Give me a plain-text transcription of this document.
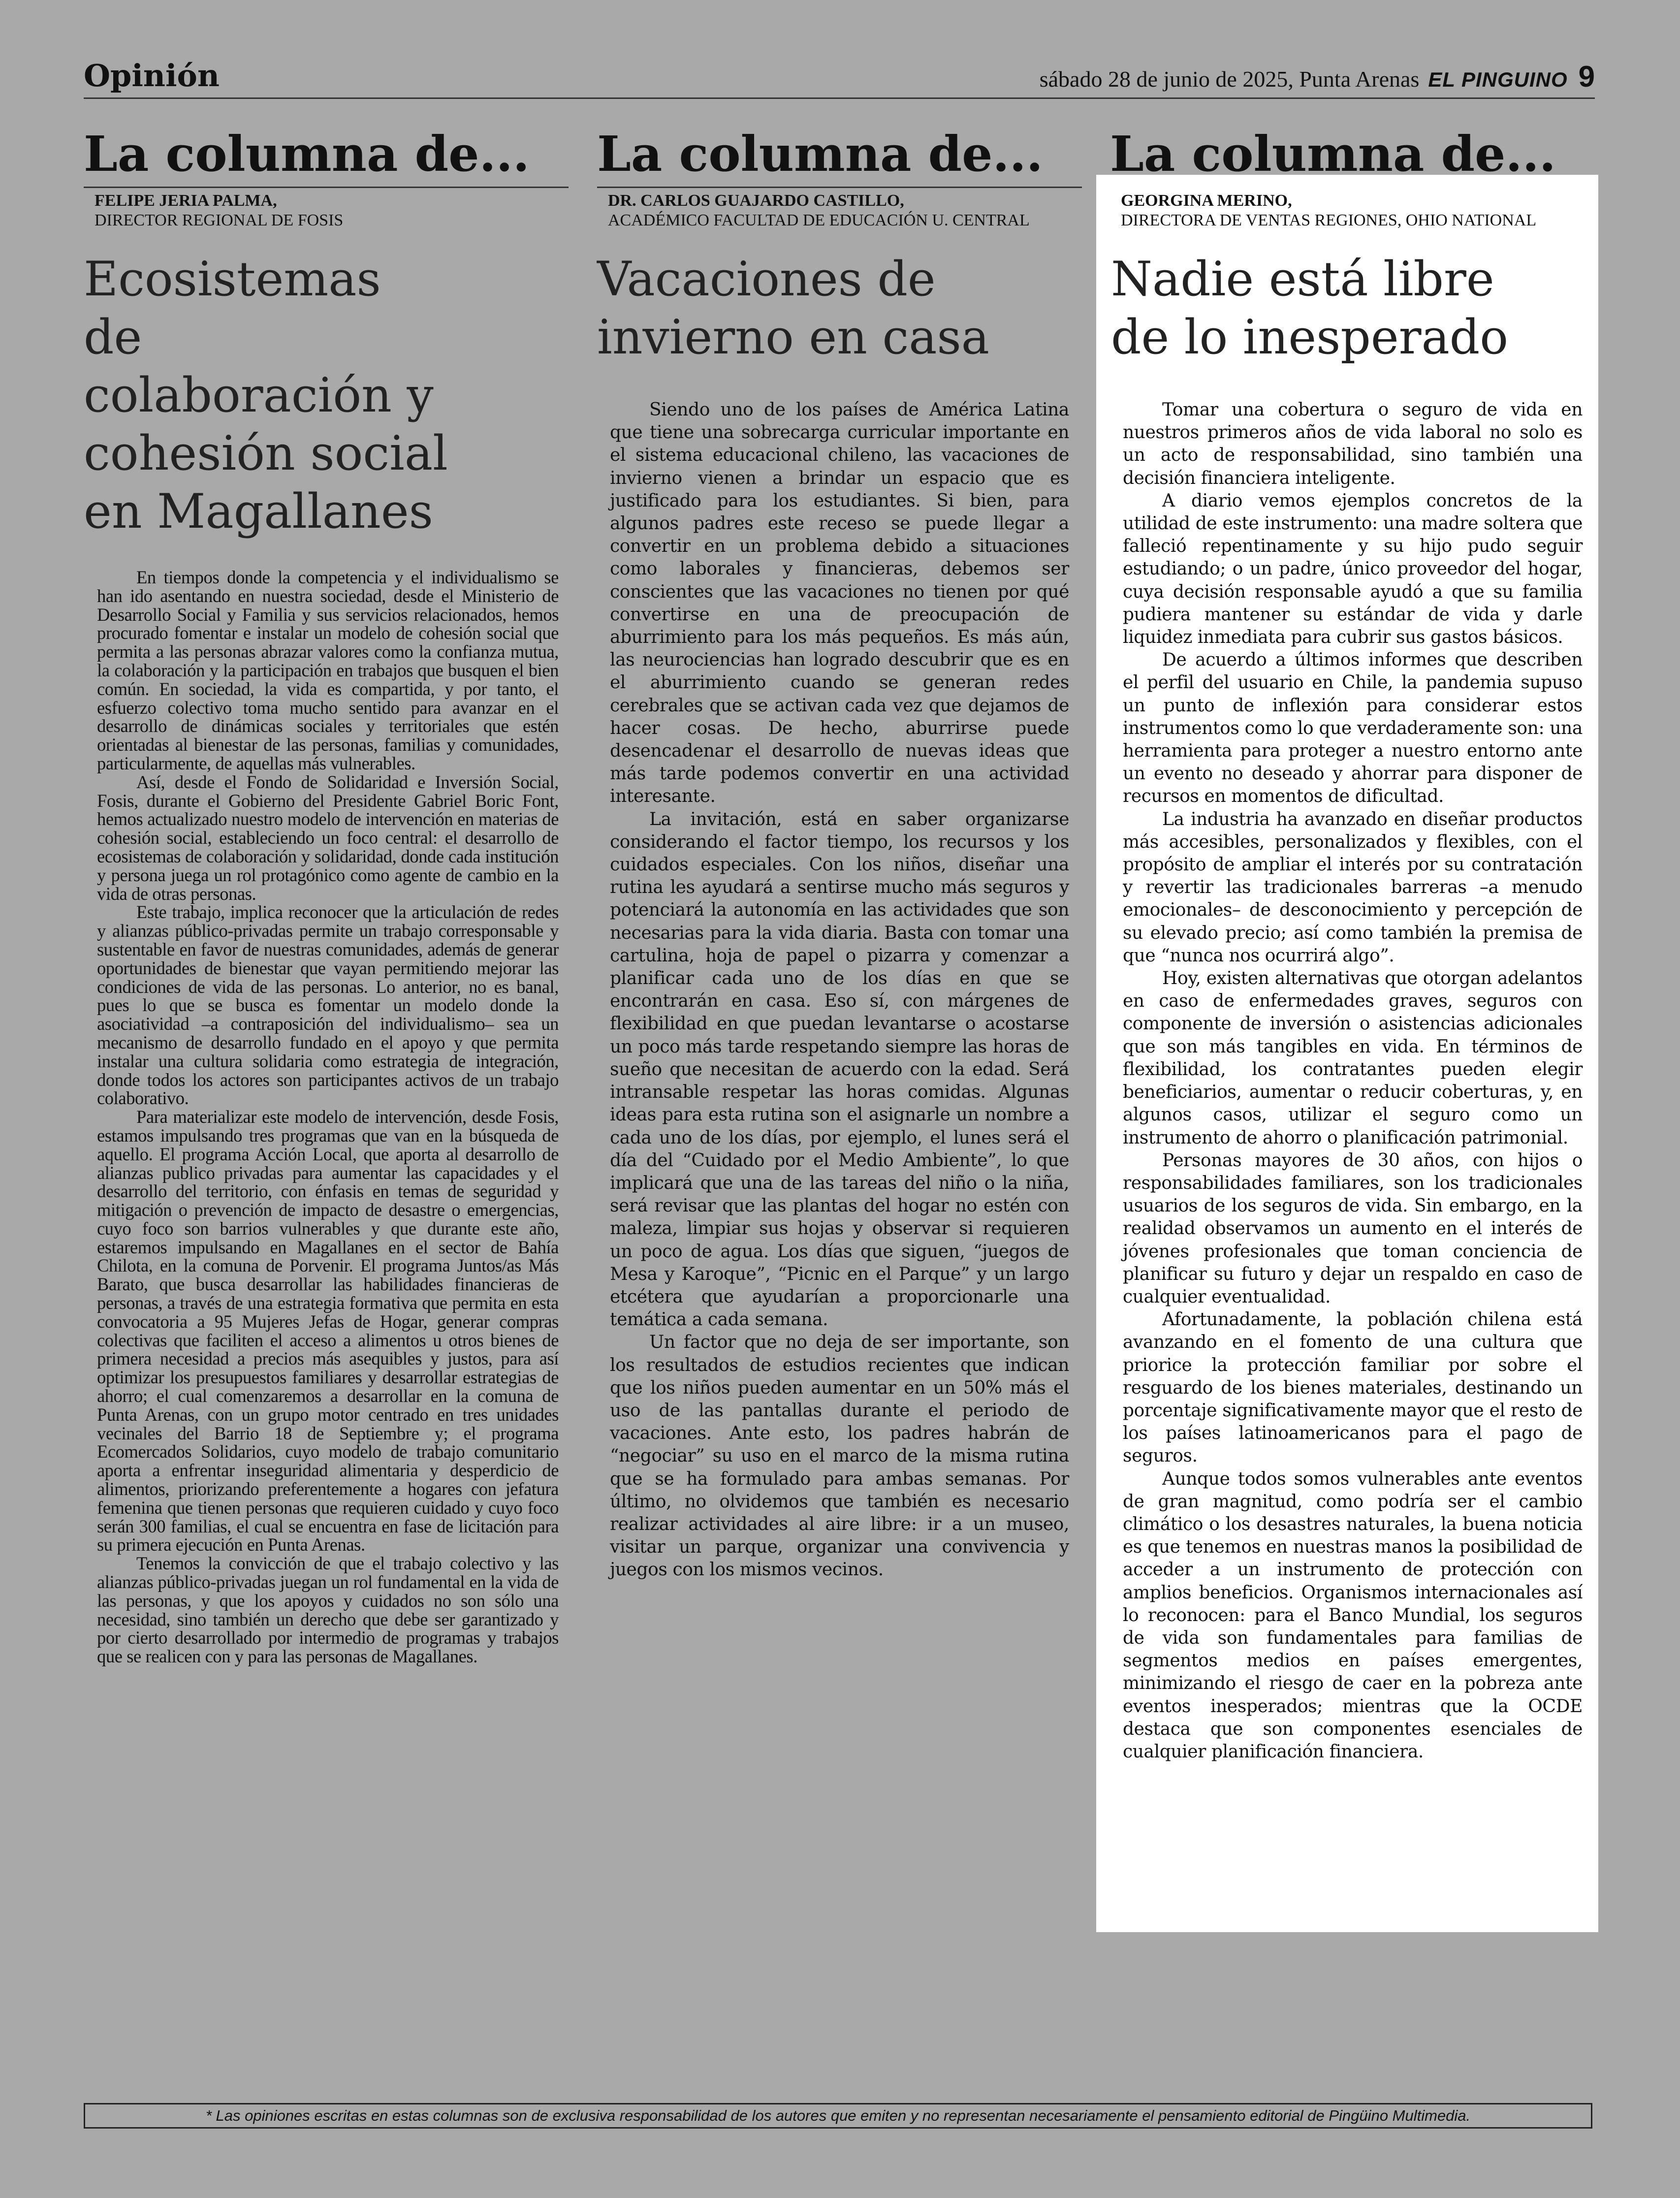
Opinión	sábado 28 de junio de 2025, Punta Arenas EL PINGUINO 9
La columna de...
FELIPE JERIA PALMA,
DIRECTOR REGIONAL DE FOSIS
Ecosistemas de colaboración y cohesión social en Magallanes

En tiempos donde la competencia y el individualismo se han ido asentando en nuestra sociedad, desde el Ministerio de Desarrollo Social y Familia y sus servicios relacionados, hemos procurado fomentar e instalar un modelo de cohesión social que permita a las personas abrazar valores como la confianza mutua, la colaboración y la participación en trabajos que busquen el bien común. En sociedad, la vida es compartida, y por tanto, el esfuerzo colectivo toma mucho sentido para avanzar en el desarrollo de dinámicas sociales y territoriales que estén orientadas al bienestar de las personas, familias y comunidades, particularmente, de aquellas más vulnerables.

Así, desde el Fondo de Solidaridad e Inversión Social, Fosis, durante el Gobierno del Presidente Gabriel Boric Font, hemos actualizado nuestro modelo de intervención en materias de cohesión social, estableciendo un foco central: el desarrollo de ecosistemas de colaboración y solidaridad, donde cada institución y persona juega un rol protagónico como agente de cambio en la vida de otras personas.

Este trabajo, implica reconocer que la articulación de redes y alianzas público-privadas permite un trabajo corresponsable y sustentable en favor de nuestras comunidades, además de generar oportunidades de bienestar que vayan permitiendo mejorar las condiciones de vida de las personas. Lo anterior, no es banal, pues lo que se busca es fomentar un modelo donde la asociatividad –a contraposición del individualismo– sea un mecanismo de desarrollo fundado en el apoyo y que permita instalar una cultura solidaria como estrategia de integración, donde todos los actores son participantes activos de un trabajo colaborativo.

Para materializar este modelo de intervención, desde Fosis, estamos impulsando tres programas que van en la búsqueda de aquello. El programa Acción Local, que aporta al desarrollo de alianzas publico privadas para aumentar las capacidades y el desarrollo del territorio, con énfasis en temas de seguridad y mitigación o prevención de impacto de desastre o emergencias, cuyo foco son barrios vulnerables y que durante este año, estaremos impulsando en Magallanes en el sector de Bahía Chilota, en la comuna de Porvenir. El programa Juntos/as Más Barato, que busca desarrollar las habilidades financieras de personas, a través de una estrategia formativa que permita en esta convocatoria a 95 Mujeres Jefas de Hogar, generar compras colectivas que faciliten el acceso a alimentos u otros bienes de primera necesidad a precios más asequibles y justos, para así optimizar los presupuestos familiares y desarrollar estrategias de ahorro; el cual comenzaremos a desarrollar en la comuna de Punta Arenas, con un grupo motor centrado en tres unidades vecinales del Barrio 18 de Septiembre y; el programa Ecomercados Solidarios, cuyo modelo de trabajo comunitario aporta a enfrentar inseguridad alimentaria y desperdicio de alimentos, priorizando preferentemente a hogares con jefatura femenina que tienen personas que requieren cuidado y cuyo foco serán 300 familias, el cual se encuentra en fase de licitación para su primera ejecución en Punta Arenas.

Tenemos la convicción de que el trabajo colectivo y las alianzas público-privadas juegan un rol fundamental en la vida de las personas, y que los apoyos y cuidados no son sólo una necesidad, sino también un derecho que debe ser garantizado y por cierto desarrollado por intermedio de programas y trabajos que se realicen con y para las personas de Magallanes.

La columna de...
DR. CARLOS GUAJARDO CASTILLO,
ACADÉMICO FACULTAD DE EDUCACIÓN U. CENTRAL
Vacaciones de invierno en casa

Siendo uno de los países de América Latina que tiene una sobrecarga curricular importante en el sistema educacional chileno, las vacaciones de invierno vienen a brindar un espacio que es justificado para los estudiantes. Si bien, para algunos padres este receso se puede llegar a convertir en un problema debido a situaciones como laborales y financieras, debemos ser conscientes que las vacaciones no tienen por qué convertirse en una de preocupación de aburrimiento para los más pequeños. Es más aún, las neurociencias han logrado descubrir que es en el aburrimiento cuando se generan redes cerebrales que se activan cada vez que dejamos de hacer cosas. De hecho, aburrirse puede desencadenar el desarrollo de nuevas ideas que más tarde podemos convertir en una actividad interesante.

La invitación, está en saber organizarse considerando el factor tiempo, los recursos y los cuidados especiales. Con los niños, diseñar una rutina les ayudará a sentirse mucho más seguros y potenciará la autonomía en las actividades que son necesarias para la vida diaria. Basta con tomar una cartulina, hoja de papel o pizarra y comenzar a planificar cada uno de los días en que se encontrarán en casa. Eso sí, con márgenes de flexibilidad en que puedan levantarse o acostarse un poco más tarde respetando siempre las horas de sueño que necesitan de acuerdo con la edad. Será intransable respetar las horas comidas. Algunas ideas para esta rutina son el asignarle un nombre a cada uno de los días, por ejemplo, el lunes será el día del “Cuidado por el Medio Ambiente”, lo que implicará que una de las tareas del niño o la niña, será revisar que las plantas del hogar no estén con maleza, limpiar sus hojas y observar si requieren un poco de agua. Los días que siguen, “juegos de Mesa y Karoque”, “Picnic en el Parque” y un largo etcétera que ayudarían a proporcionarle una temática a cada semana.

Un factor que no deja de ser importante, son los resultados de estudios recientes que indican que los niños pueden aumentar en un 50% más el uso de las pantallas durante el periodo de vacaciones. Ante esto, los padres habrán de “negociar” su uso en el marco de la misma rutina que se ha formulado para ambas semanas. Por último, no olvidemos que también es necesario realizar actividades al aire libre: ir a un museo, visitar un parque, organizar una convivencia y juegos con los mismos vecinos.

La columna de...
GEORGINA MERINO,
DIRECTORA DE VENTAS REGIONES, OHIO NATIONAL
Nadie está libre de lo inesperado

Tomar una cobertura o seguro de vida en nuestros primeros años de vida laboral no solo es un acto de responsabilidad, sino también una decisión financiera inteligente.

A diario vemos ejemplos concretos de la utilidad de este instrumento: una madre soltera que falleció repentinamente y su hijo pudo seguir estudiando; o un padre, único proveedor del hogar, cuya decisión responsable ayudó a que su familia pudiera mantener su estándar de vida y darle liquidez inmediata para cubrir sus gastos básicos.

De acuerdo a últimos informes que describen el perfil del usuario en Chile, la pandemia supuso un punto de inflexión para considerar estos instrumentos como lo que verdaderamente son: una herramienta para proteger a nuestro entorno ante un evento no deseado y ahorrar para disponer de recursos en momentos de dificultad.

La industria ha avanzado en diseñar productos más accesibles, personalizados y flexibles, con el propósito de ampliar el interés por su contratación y revertir las tradicionales barreras –a menudo emocionales– de desconocimiento y percepción de su elevado precio; así como también la premisa de que “nunca nos ocurrirá algo”.

Hoy, existen alternativas que otorgan adelantos en caso de enfermedades graves, seguros con componente de inversión o asistencias adicionales que son más tangibles en vida. En términos de flexibilidad, los contratantes pueden elegir beneficiarios, aumentar o reducir coberturas, y, en algunos casos, utilizar el seguro como un instrumento de ahorro o planificación patrimonial.

Personas mayores de 30 años, con hijos o responsabilidades familiares, son los tradicionales usuarios de los seguros de vida. Sin embargo, en la realidad observamos un aumento en el interés de jóvenes profesionales que toman conciencia de planificar su futuro y dejar un respaldo en caso de cualquier eventualidad.

Afortunadamente, la población chilena está avanzando en el fomento de una cultura que priorice la protección familiar por sobre el resguardo de los bienes materiales, destinando un porcentaje significativamente mayor que el resto de los países latinoamericanos para el pago de seguros.

Aunque todos somos vulnerables ante eventos de gran magnitud, como podría ser el cambio climático o los desastres naturales, la buena noticia es que tenemos en nuestras manos la posibilidad de acceder a un instrumento de protección con amplios beneficios. Organismos internacionales así lo reconocen: para el Banco Mundial, los seguros de vida son fundamentales para familias de segmentos medios en países emergentes, minimizando el riesgo de caer en la pobreza ante eventos inesperados; mientras que la OCDE destaca que son componentes esenciales de cualquier planificación financiera.

* Las opiniones escritas en estas columnas son de exclusiva responsabilidad de los autores que emiten y no representan necesariamente el pensamiento editorial de Pingüino Multimedia.
